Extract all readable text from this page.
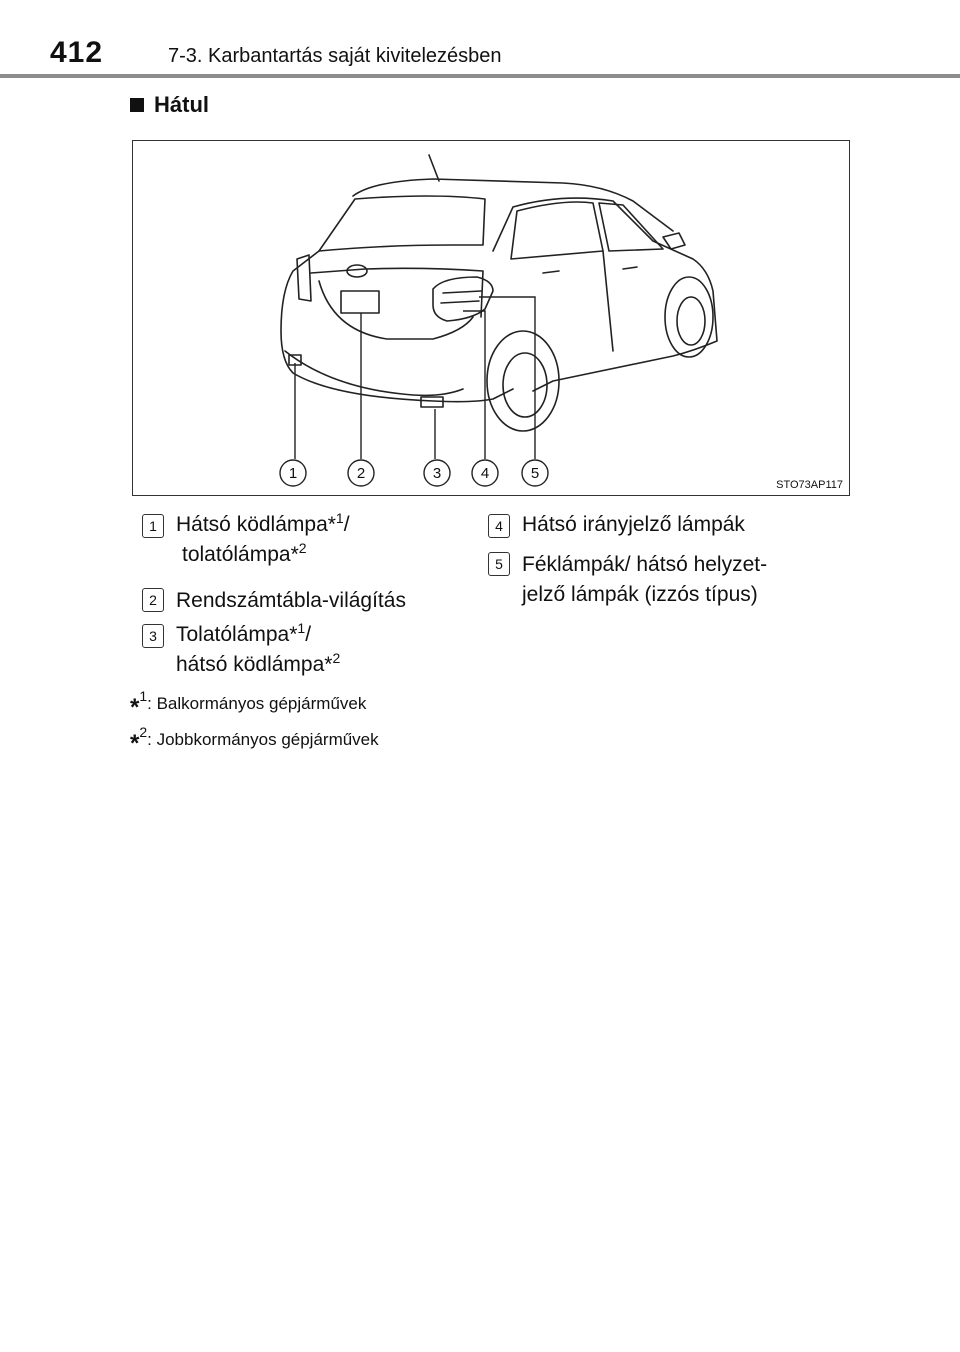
412	7-3. Karbantartás saját kivitelezésben
Hátul
1	2	3	4	5
STO73AP117
1 Hátsó ködlámpa*$^1$/
tolatólámpa*$^2$
2 Rendszámtábla-világítás
3 Tolatólámpa*$^1$/
hátsó ködlámpa*$^2$
4 Hátsó irányjelző lámpák
5 Féklámpák/ hátsó helyzet-
jelző lámpák (izzós típus)
*$^1$: Balkormányos gépjárművek
*$^2$: Jobbkormányos gépjárművek
